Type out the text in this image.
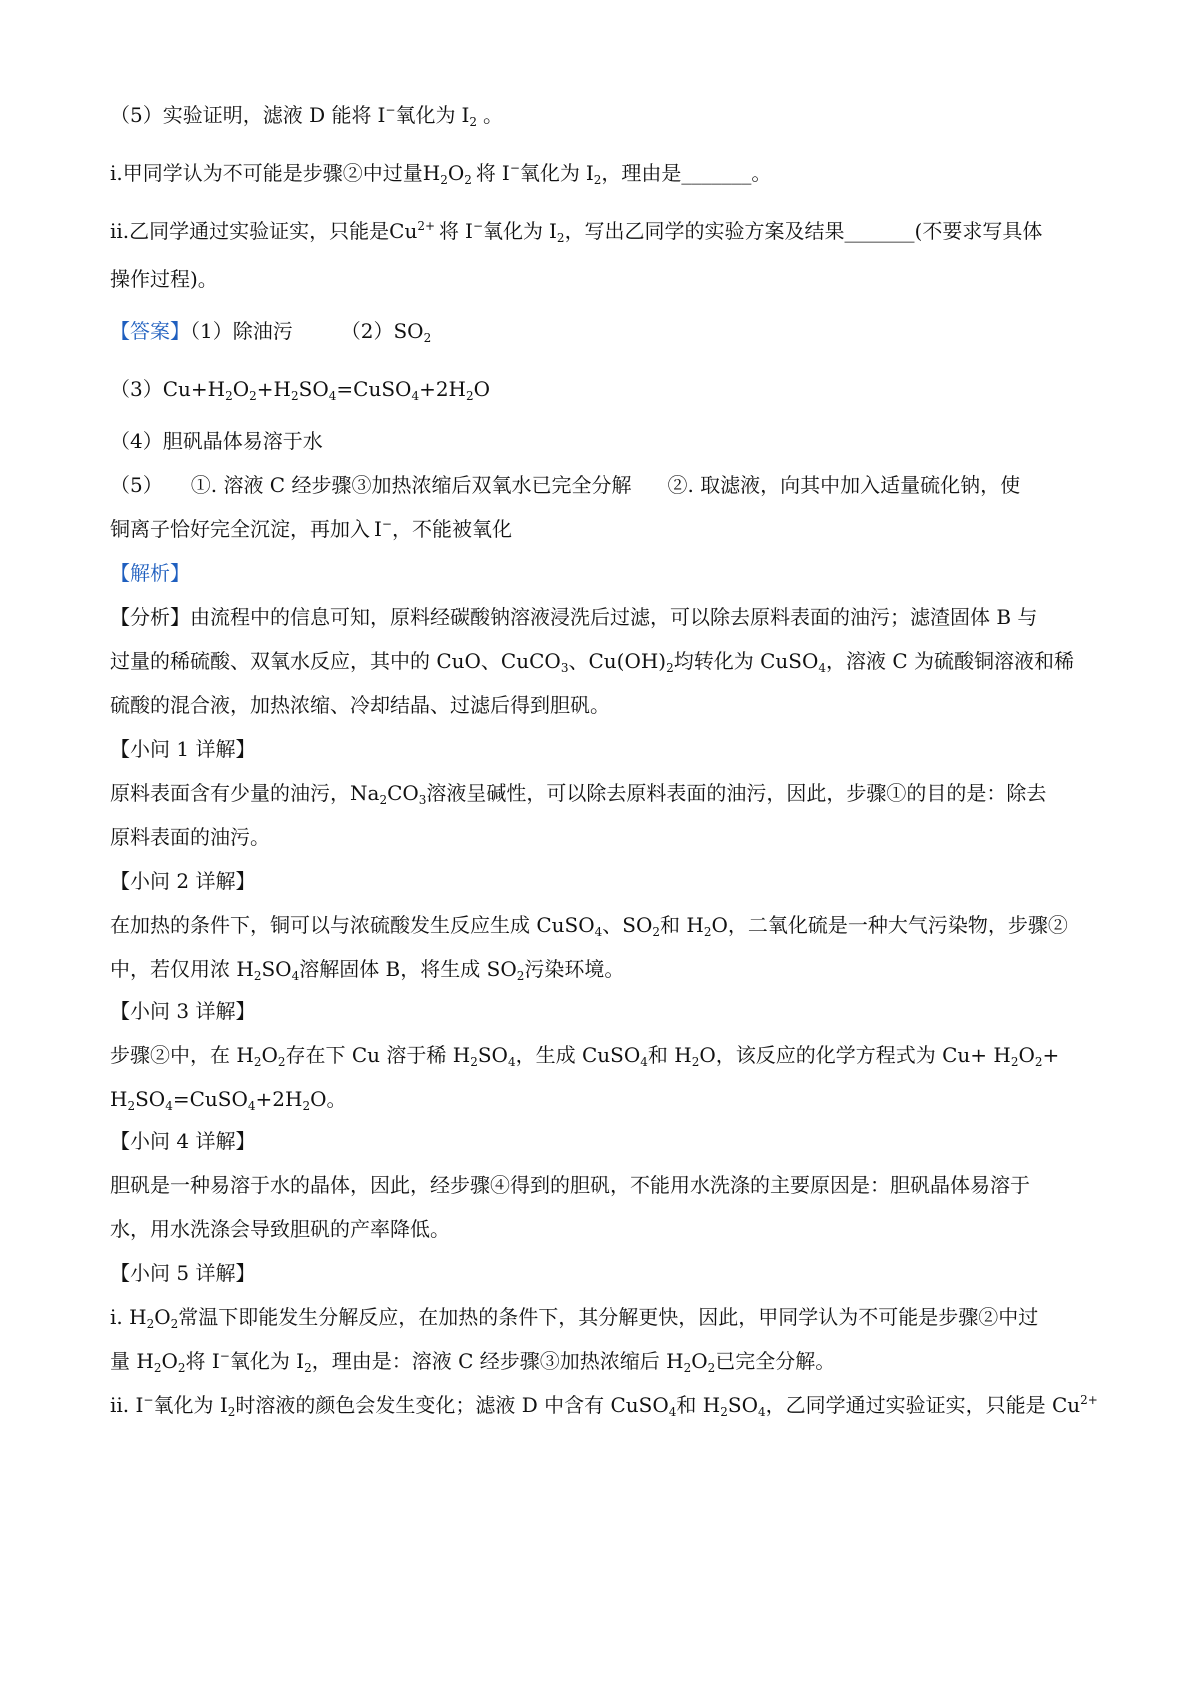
（5）实验证明，滤液 D 能将 I−氧化为 $I_2$ 。
ⅰ.甲同学认为不可能是步骤②中过量$H_2O_2$ 将 I−氧化为 $I_2$，理由是_______。
ⅱ.乙同学通过实验证实，只能是$Cu^{2+}$ 将 I−氧化为 $I_2$，写出乙同学的实验方案及结果_______(不要求写具体
操作过程)。
【答案】（1）除油污 $(2)SO_2$
$(3)Cu+H_2O_2+H_2SO_4=CuSO_4+2H_2O$
（4）胆矾晶体易溶于水
（5） ①. 溶液 C 经步骤③加热浓缩后双氧水已完全分解 ②. 取滤液，向其中加入适量硫化钠，使
铜离子恰好完全沉淀，再加入 I−，不能被氧化
【解析】
【分析】由流程中的信息可知，原料经碳酸钠溶液浸洗后过滤，可以除去原料表面的油污；滤渣固体 B 与
过量的稀硫酸、双氧水反应，其中的 CuO、CuCO$_3$、$Cu(OH)_2$均转化为 CuSO$_4$，溶液 C 为硫酸铜溶液和稀
硫酸的混合液，加热浓缩、冷却结晶、过滤后得到胆矾。
【小问 1 详解】
原料表面含有少量的油污，$Na_2CO_3$溶液呈碱性，可以除去原料表面的油污，因此，步骤①的目的是：除去
原料表面的油污。
【小问 2 详解】
在加热的条件下，铜可以与浓硫酸发生反应生成 CuSO$_4$、$SO_2$和 $H_2O$，二氧化硫是一种大气污染物，步骤②
中，若仅用浓 $H_2SO_4$溶解固体 B，将生成 $SO_2$污染环境。
【小问 3 详解】
步骤②中，在 $H_2O_2$存在下 Cu 溶于稀 $H_2SO_4$，生成 CuSO$_4$和 $H_2O$，该反应的化学方程式为 $Cu+ H_2O_2+$
$H_2SO_4=CuSO_4+2H_2O$。
【小问 4 详解】
胆矾是一种易溶于水的晶体，因此，经步骤④得到的胆矾，不能用水洗涤的主要原因是：胆矾晶体易溶于
水，用水洗涤会导致胆矾的产率降低。
【小问 5 详解】
ⅰ. $H_2O_2$常温下即能发生分解反应，在加热的条件下，其分解更快，因此，甲同学认为不可能是步骤②中过
量 $H_2O_2$将 I−氧化为 $I_2$，理由是：溶液 C 经步骤③加热浓缩后 $H_2O_2$已完全分解。
ⅱ. I−氧化为 $I_2$时溶液的颜色会发生变化；滤液 D 中含有 CuSO$_4$和 $H_2SO_4$，乙同学通过实验证实，只能是 $Cu^{2+}$
